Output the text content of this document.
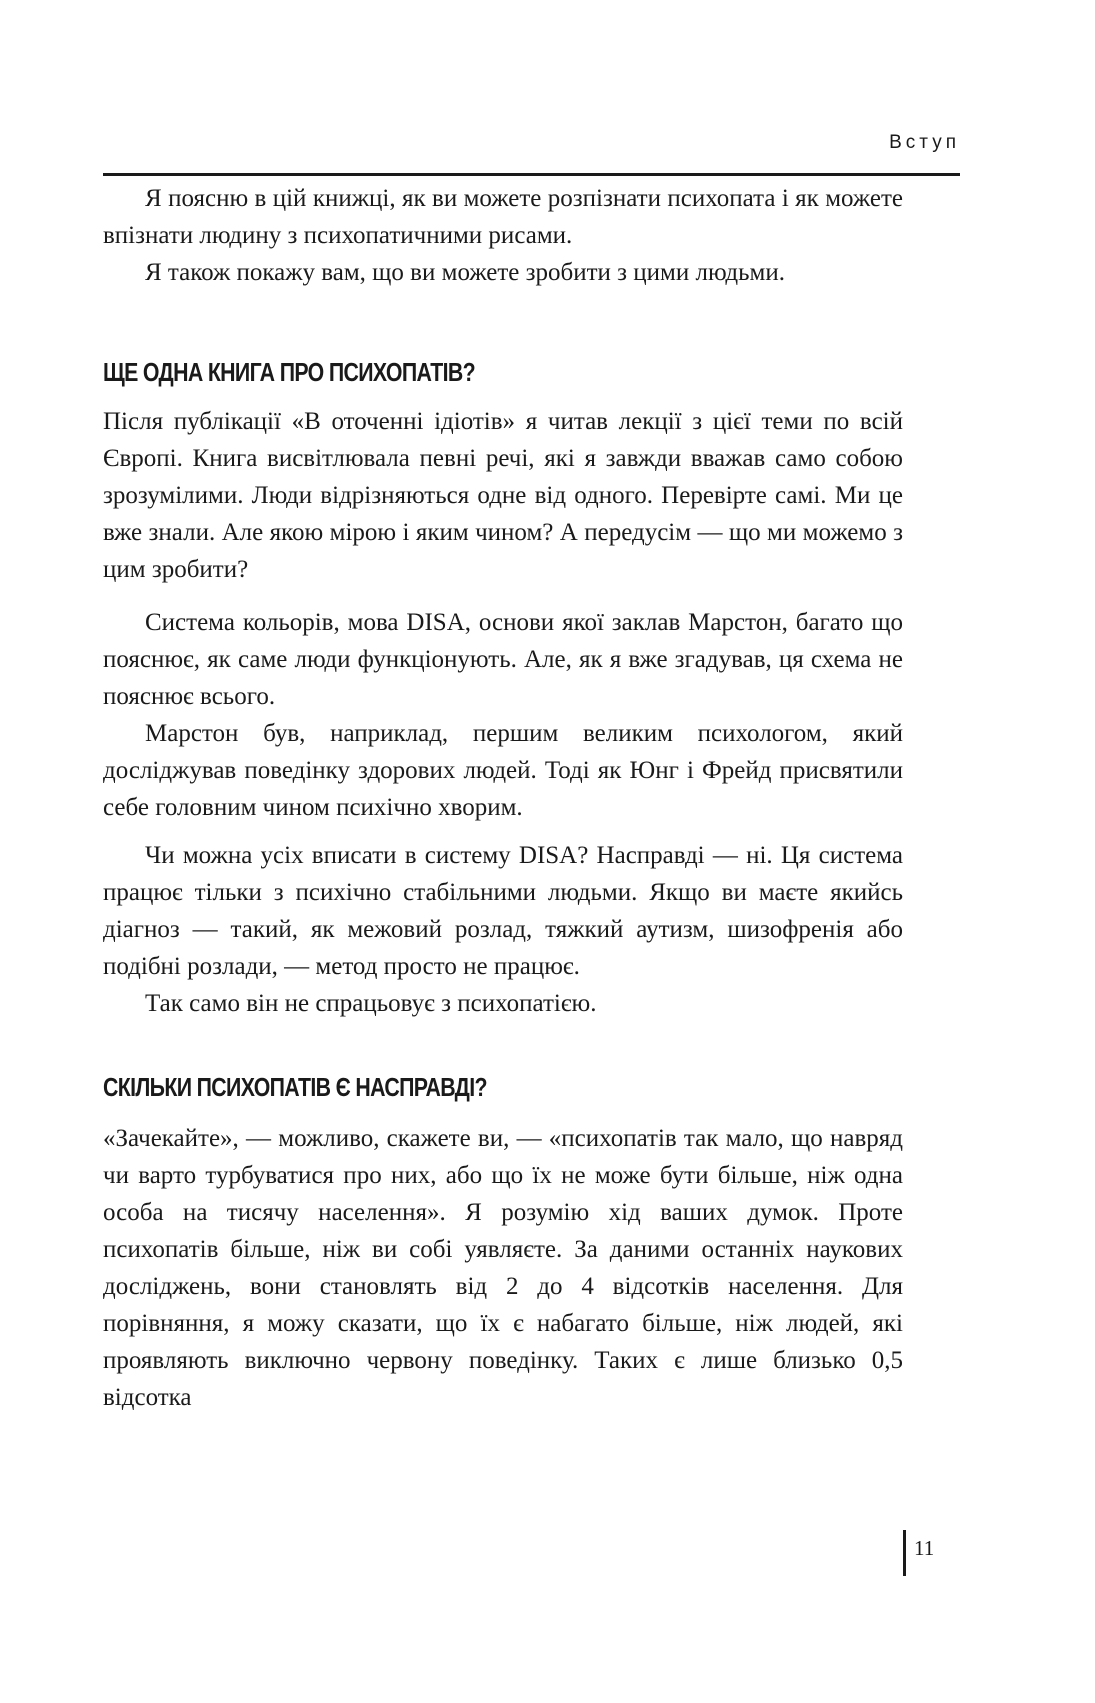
Вступ

Я поясню в цій книжці, як ви можете розпізнати психопата і як можете впізнати людину з психопатичними рисами.

Я також покажу вам, що ви можете зробити з цими людьми.

ЩЕ ОДНА КНИГА ПРО ПСИХОПАТІВ?

Після публікації «В оточенні ідіотів» я читав лекції з цієї теми по всій Європі. Книга висвітлювала певні речі, які я завжди вважав само собою зрозумілими. Люди відрізняються одне від одного. Перевірте самі. Ми це вже знали. Але якою мірою і яким чином? А передусім — що ми можемо з цим зробити?

Система кольорів, мова DISA, основи якої заклав Марстон, багато що пояснює, як саме люди функціонують. Але, як я вже згадував, ця схема не пояснює всього.

Марстон був, наприклад, першим великим психологом, який досліджував поведінку здорових людей. Тоді як Юнг і Фрейд присвятили себе головним чином психічно хворим.

Чи можна усіх вписати в систему DISA? Насправді — ні. Ця система працює тільки з психічно стабільними людьми. Якщо ви маєте якийсь діагноз — такий, як межовий розлад, тяжкий аутизм, шизофренія або подібні розлади, — метод просто не працює.

Так само він не спрацьовує з психопатією.

СКІЛЬКИ ПСИХОПАТІВ Є НАСПРАВДІ?

«Зачекайте», — можливо, скажете ви, — «психопатів так мало, що навряд чи варто турбуватися про них, або що їх не може бути більше, ніж одна особа на тисячу населення». Я розумію хід ваших думок. Проте психопатів більше, ніж ви собі уявляєте. За даними останніх наукових досліджень, вони становлять від 2 до 4 відсотків населення. Для порівняння, я можу сказати, що їх є набагато більше, ніж людей, які проявляють виключно червону поведінку. Таких є лише близько 0,5 відсотка

11
